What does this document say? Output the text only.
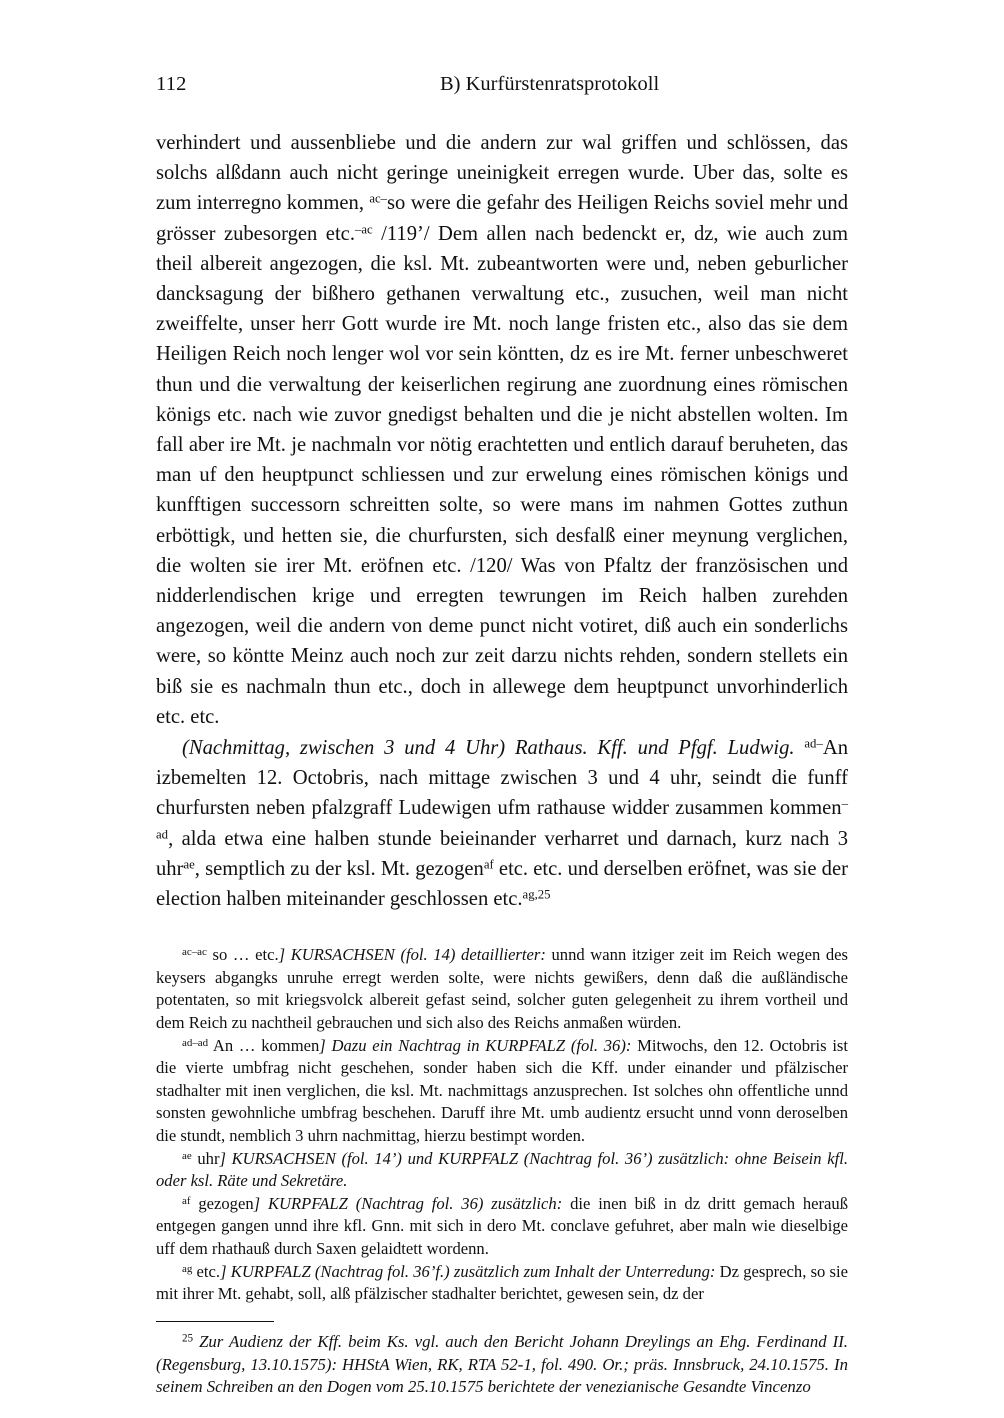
112	B) Kurfürstenratsprotokoll

verhindert und aussenbliebe und die andern zur wal griffen und schlössen, das solchs alßdann auch nicht geringe uneinigkeit erregen wurde. Uber das, solte es zum interregno kommen, $^{ac-}$so were die gefahr des Heiligen Reichs soviel mehr und grösser zubesorgen etc.$^{-ac}$ /119’/ Dem allen nach bedenckt er, dz, wie auch zum theil albereit angezogen, die ksl. Mt. zubeantworten were und, neben geburlicher dancksagung der bißhero gethanen verwaltung etc., zusuchen, weil man nicht zweiffelte, unser herr Gott wurde ire Mt. noch lange fristen etc., also das sie dem Heiligen Reich noch lenger wol vor sein köntten, dz es ire Mt. ferner unbeschweret thun und die verwaltung der keiserlichen regirung ane zuordnung eines römischen königs etc. nach wie zuvor gnedigst behalten und die je nicht abstellen wolten. Im fall aber ire Mt. je nachmaln vor nötig erachtetten und entlich darauf beruheten, das man uf den heuptpunct schliessen und zur erwelung eines römischen königs und kunfftigen successorn schreitten solte, so were mans im nahmen Gottes zuthun erböttigk, und hetten sie, die churfursten, sich desfalß einer meynung verglichen, die wolten sie irer Mt. eröfnen etc. /120/ Was von Pfaltz der französischen und nidderlendischen krige und erregten tewrungen im Reich halben zurehden angezogen, weil die andern von deme punct nicht votiret, diß auch ein sonderlichs were, so köntte Meinz auch noch zur zeit darzu nichts rehden, sondern stellets ein biß sie es nachmaln thun etc., doch in allewege dem heuptpunct unvorhinderlich etc. etc.

(Nachmittag, zwischen 3 und 4 Uhr) Rathaus. Kff. und Pfgf. Ludwig. $^{ad-}$An izbemelten 12. Octobris, nach mittage zwischen 3 und 4 uhr, seindt die funff churfursten neben pfalzgraff Ludewigen ufm rathause widder zusammen kommen$^{-ad}$, alda etwa eine halben stunde beieinander verharret und darnach, kurz nach 3 uhr$^{ae}$, semptlich zu der ksl. Mt. gezogen$^{af}$ etc. etc. und derselben eröfnet, was sie der election halben miteinander geschlossen etc.$^{ag,25}$

$^{ac-ac}$ so … etc.] KURSACHSEN (fol. 14) detaillierter: unnd wann itziger zeit im Reich wegen des keysers abgangks unruhe erregt werden solte, were nichts gewißers, denn daß die außländische potentaten, so mit kriegsvolck albereit gefast seind, solcher guten gelegenheit zu ihrem vortheil und dem Reich zu nachtheil gebrauchen und sich also des Reichs anmaßen würden.

$^{ad-ad}$ An … kommen] Dazu ein Nachtrag in KURPFALZ (fol. 36): Mitwochs, den 12. Octobris ist die vierte umbfrag nicht geschehen, sonder haben sich die Kff. under einander und pfälzischer stadhalter mit inen verglichen, die ksl. Mt. nachmittags anzusprechen. Ist solches ohn offentliche unnd sonsten gewohnliche umbfrag beschehen. Daruff ihre Mt. umb audientz ersucht unnd vonn deroselben die stundt, nemblich 3 uhrn nachmittag, hierzu bestimpt worden.

$^{ae}$ uhr] KURSACHSEN (fol. 14’) und KURPFALZ (Nachtrag fol. 36’) zusätzlich: ohne Beisein kfl. oder ksl. Räte und Sekretäre.

$^{af}$ gezogen] KURPFALZ (Nachtrag fol. 36) zusätzlich: die inen biß in dz dritt gemach herauß entgegen gangen unnd ihre kfl. Gnn. mit sich in dero Mt. conclave gefuhret, aber maln wie dieselbige uff dem rhathauß durch Saxen gelaidtett wordenn.

$^{ag}$ etc.] KURPFALZ (Nachtrag fol. 36’f.) zusätzlich zum Inhalt der Unterredung: Dz gesprech, so sie mit ihrer Mt. gehabt, soll, alß pfälzischer stadhalter berichtet, gewesen sein, dz der

$^{25}$ Zur Audienz der Kff. beim Ks. vgl. auch den Bericht Johann Dreylings an Ehg. Ferdinand II. (Regensburg, 13.10.1575): HHStA Wien, RK, RTA 52-1, fol. 490. Or.; präs. Innsbruck, 24.10.1575. In seinem Schreiben an den Dogen vom 25.10.1575 berichtete der venezianische Gesandte Vincenzo
